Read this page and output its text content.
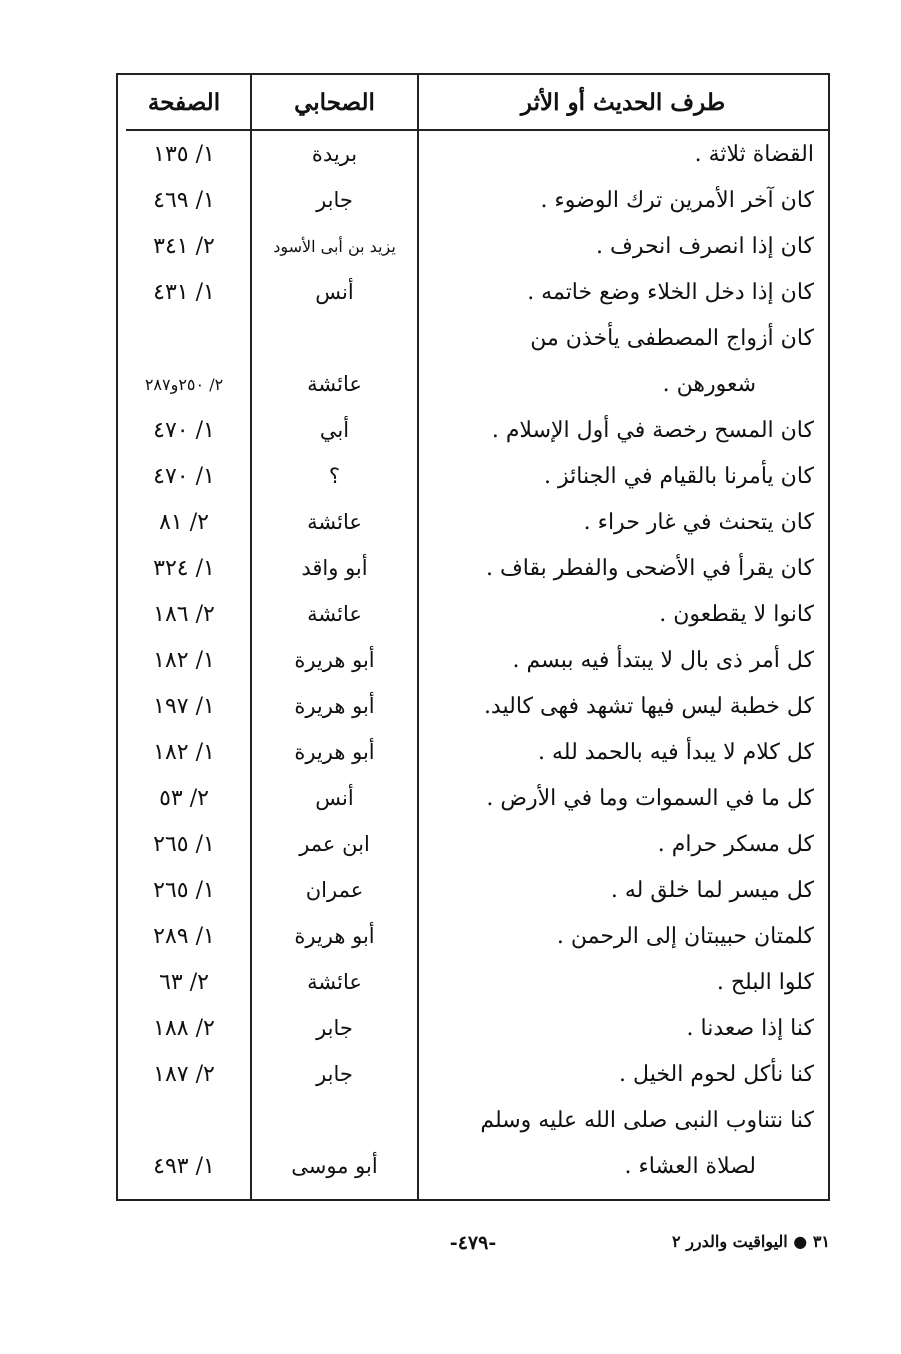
طرف الحديث أو الأثر
الصحابي
الصفحة
القضاة ثلاثة .
بريدة
١/ ١٣٥
كان آخر الأمرين ترك الوضوء .
جابر
١/ ٤٦٩
كان إذا انصرف انحرف .
يزيد بن أبى الأسود
٢/ ٣٤١
كان إذا دخل الخلاء وضع خاتمه .
أنس
١/ ٤٣١
كان أزواج المصطفى يأخذن من
شعورهن .
عائشة
٢/ ٢٥٠و٢٨٧
كان المسح رخصة في أول الإسلام .
أبي
١/ ٤٧٠
كان يأمرنا بالقيام في الجنائز .
؟
١/ ٤٧٠
كان يتحنث في غار حراء .
عائشة
٢/ ٨١
كان يقرأ في الأضحى والفطر بقاف .
أبو واقد
١/ ٣٢٤
كانوا لا يقطعون .
عائشة
٢/ ١٨٦
كل أمر ذى بال لا يبتدأ فيه ببسم .
أبو هريرة
١/ ١٨٢
كل خطبة ليس فيها تشهد فهى كاليد.
أبو هريرة
١/ ١٩٧
كل كلام لا يبدأ فيه بالحمد لله .
أبو هريرة
١/ ١٨٢
كل ما في السموات وما في الأرض .
أنس
٢/ ٥٣
كل مسكر حرام .
ابن عمر
١/ ٢٦٥
كل ميسر لما خلق له .
عمران
١/ ٢٦٥
كلمتان حبيبتان إلى الرحمن .
أبو هريرة
١/ ٢٨٩
كلوا البلح .
عائشة
٢/ ٦٣
كنا إذا صعدنا .
جابر
٢/ ١٨٨
كنا نأكل لحوم الخيل .
جابر
٢/ ١٨٧
كنا نتناوب النبى صلى الله عليه وسلم
لصلاة العشاء .
أبو موسى
١/ ٤٩٣
٣١ ● اليواقيت والدرر ٢
-٤٧٩-
